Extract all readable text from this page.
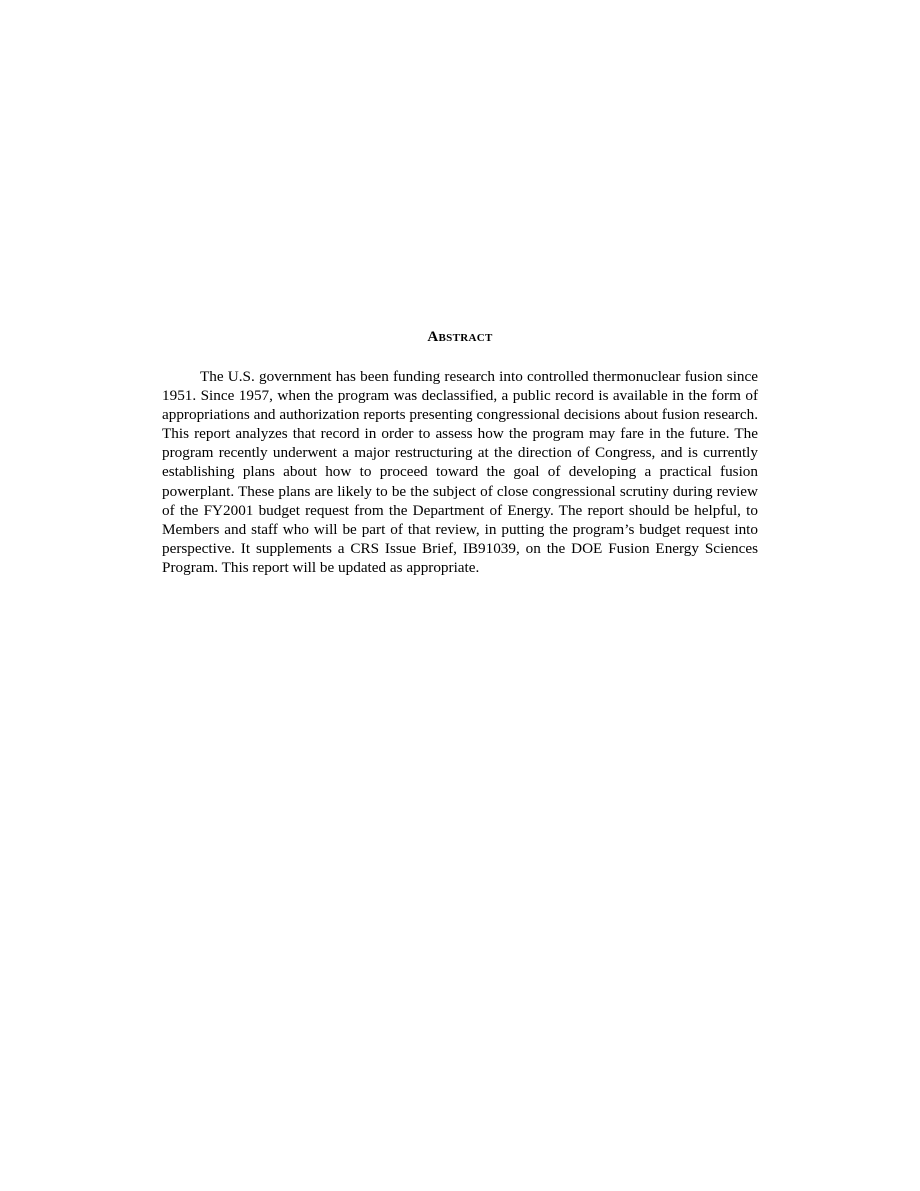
Abstract

The U.S. government has been funding research into controlled thermonuclear fusion since 1951. Since 1957, when the program was declassified, a public record is available in the form of appropriations and authorization reports presenting congressional decisions about fusion research. This report analyzes that record in order to assess how the program may fare in the future. The program recently underwent a major restructuring at the direction of Congress, and is currently establishing plans about how to proceed toward the goal of developing a practical fusion powerplant. These plans are likely to be the subject of close congressional scrutiny during review of the FY2001 budget request from the Department of Energy. The report should be helpful, to Members and staff who will be part of that review, in putting the program’s budget request into perspective. It supplements a CRS Issue Brief, IB91039, on the DOE Fusion Energy Sciences Program. This report will be updated as appropriate.
